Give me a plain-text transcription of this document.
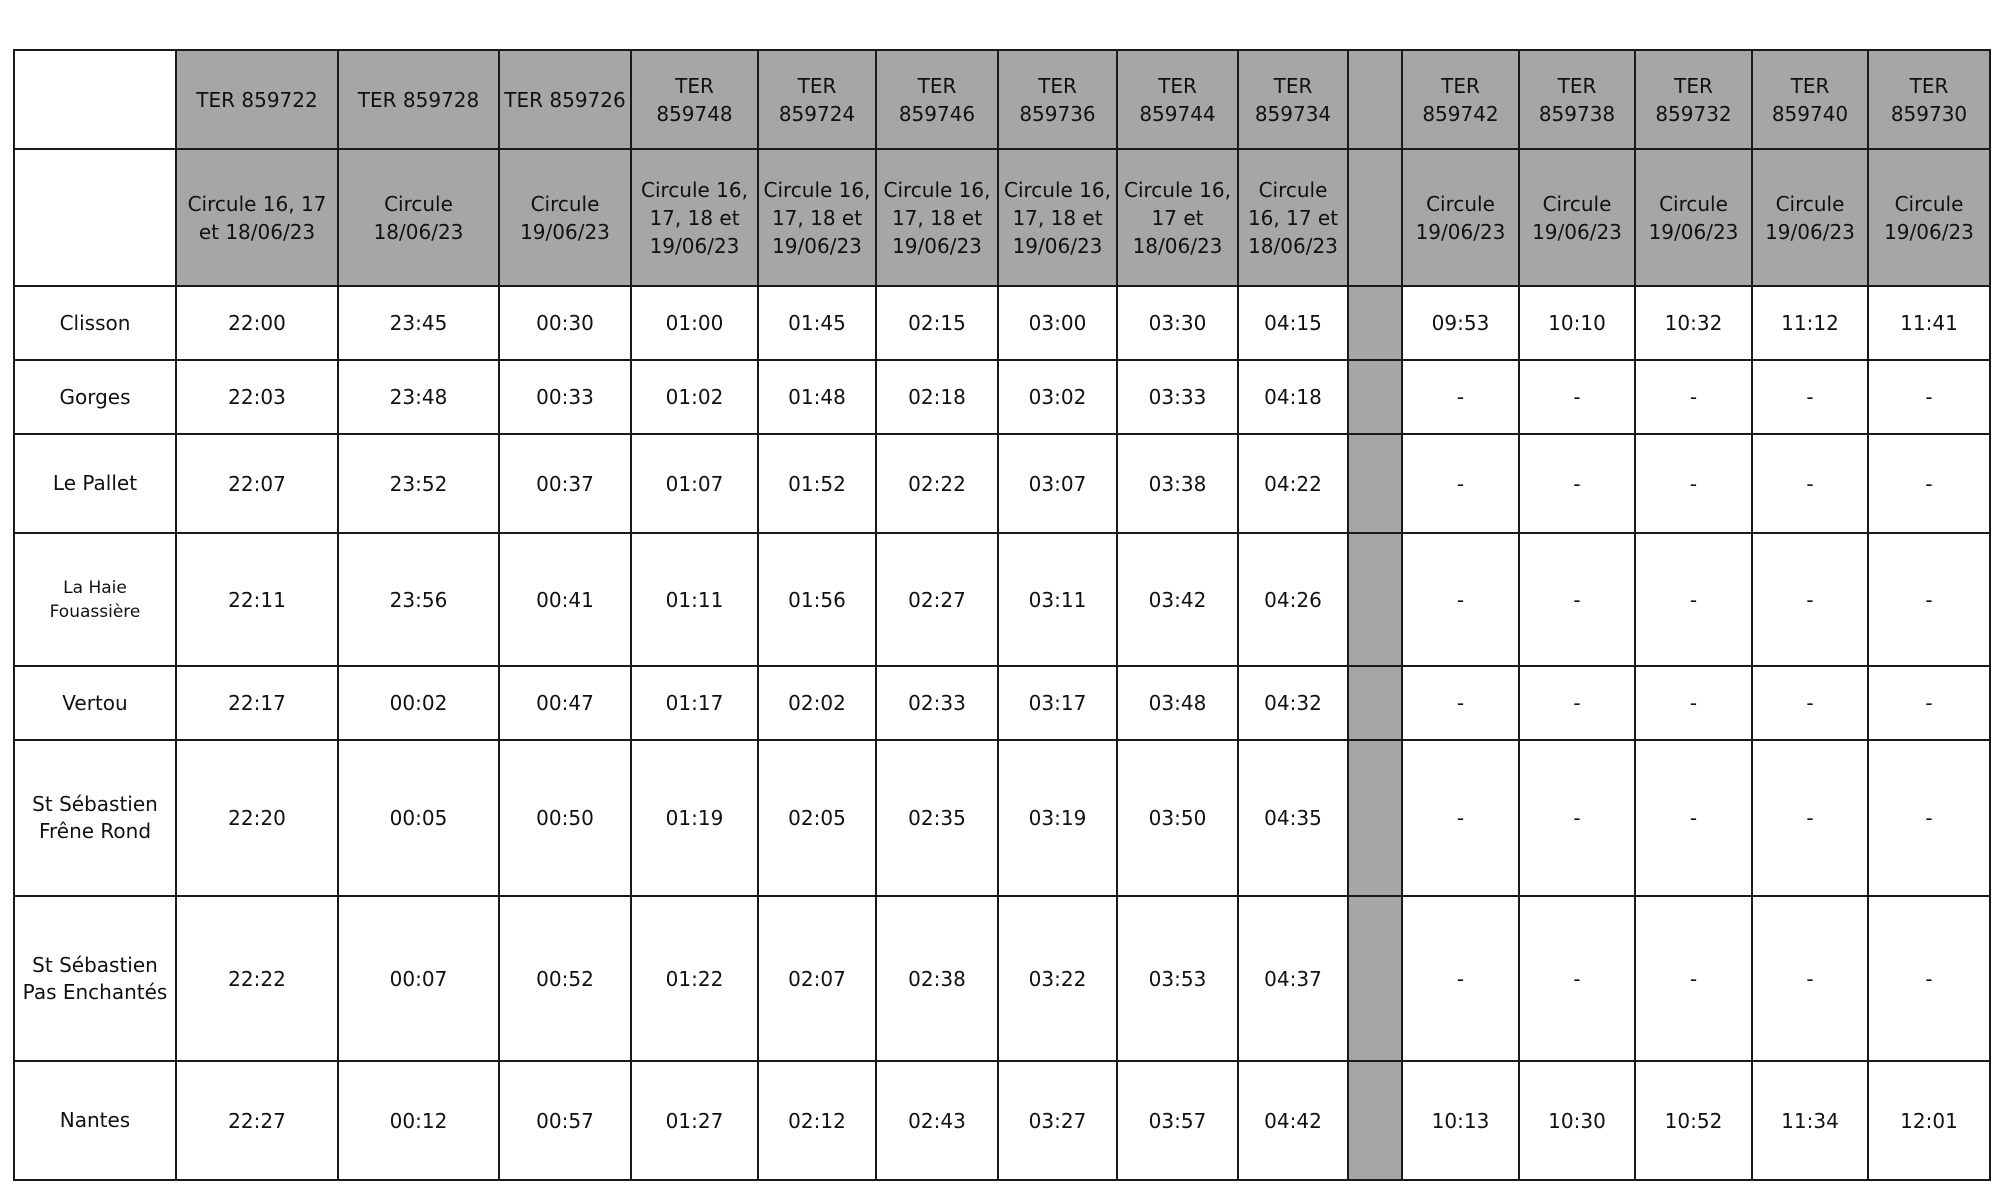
	TER 859722	TER 859728	TER 859726	TER 859748	TER 859724	TER 859746	TER 859736	TER 859744	TER 859734		TER 859742	TER 859738	TER 859732	TER 859740	TER 859730
	Circule 16, 17 et 18/06/23	Circule 18/06/23	Circule 19/06/23	Circule 16, 17, 18 et 19/06/23	Circule 16, 17, 18 et 19/06/23	Circule 16, 17, 18 et 19/06/23	Circule 16, 17, 18 et 19/06/23	Circule 16, 17 et 18/06/23	Circule 16, 17 et 18/06/23		Circule 19/06/23	Circule 19/06/23	Circule 19/06/23	Circule 19/06/23	Circule 19/06/23
Clisson	22:00	23:45	00:30	01:00	01:45	02:15	03:00	03:30	04:15		09:53	10:10	10:32	11:12	11:41
Gorges	22:03	23:48	00:33	01:02	01:48	02:18	03:02	03:33	04:18		-	-	-	-	-
Le Pallet	22:07	23:52	00:37	01:07	01:52	02:22	03:07	03:38	04:22		-	-	-	-	-
La Haie Fouassière	22:11	23:56	00:41	01:11	01:56	02:27	03:11	03:42	04:26		-	-	-	-	-
Vertou	22:17	00:02	00:47	01:17	02:02	02:33	03:17	03:48	04:32		-	-	-	-	-
St Sébastien Frêne Rond	22:20	00:05	00:50	01:19	02:05	02:35	03:19	03:50	04:35		-	-	-	-	-
St Sébastien Pas Enchantés	22:22	00:07	00:52	01:22	02:07	02:38	03:22	03:53	04:37		-	-	-	-	-
Nantes	22:27	00:12	00:57	01:27	02:12	02:43	03:27	03:57	04:42		10:13	10:30	10:52	11:34	12:01
